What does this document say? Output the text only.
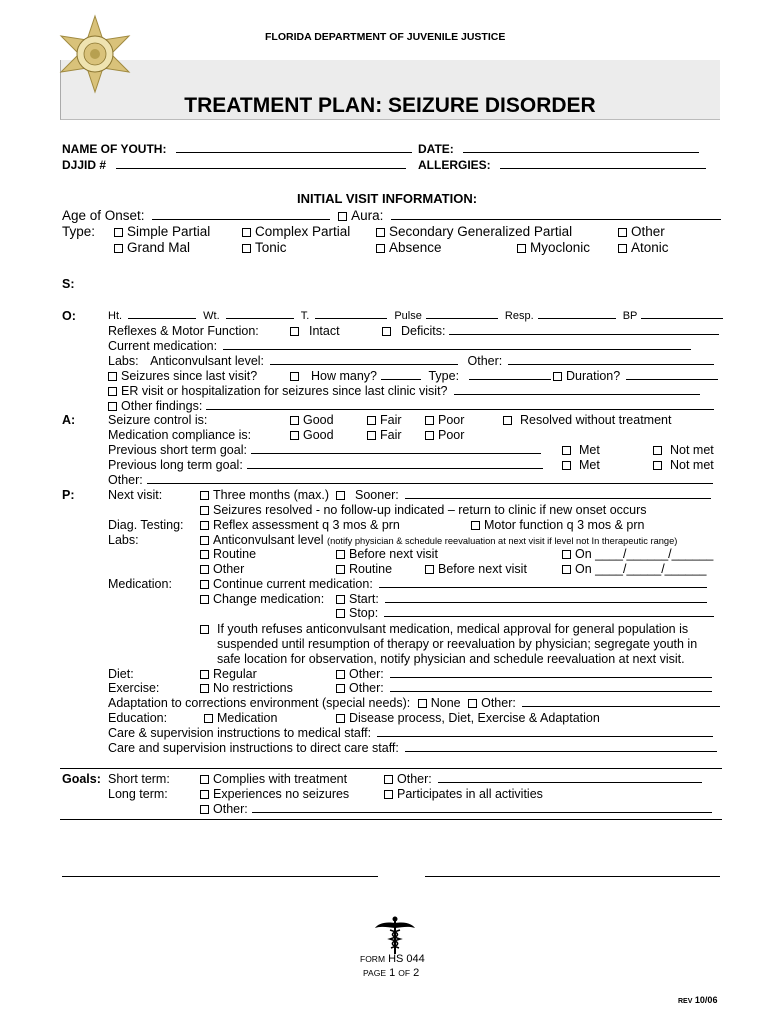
FLORIDA DEPARTMENT OF JUVENILE JUSTICE
TREATMENT PLAN: SEIZURE DISORDER
NAME OF YOUTH:	DATE:
DJJID #	ALLERGIES:
INITIAL VISIT INFORMATION:
Age of Onset:	Aura:
Type:	Simple Partial	Complex Partial	Secondary Generalized Partial	Other
Grand Mal	Tonic	Absence	Myoclonic	Atonic
S:
O:
A:
P:
Ht.	Wt.	T.	Pulse	Resp.	BP
Reflexes & Motor Function:	Intact	Deficits:
Current medication:
Labs: Anticonvulsant level:	Other:
Seizures since last visit?	How many?	Type:	Duration?
ER visit or hospitalization for seizures since last clinic visit?
Other findings:
Seizure control is:	Good	Fair	Poor	Resolved without treatment
Medication compliance is:	Good	Fair	Poor
Previous short term goal:	Met	Not met
Previous long term goal:	Met	Not met
Other:
Next visit:	Three months (max.)	Sooner:
Seizures resolved - no follow-up indicated – return to clinic if new onset occurs
Diag. Testing:	Reflex assessment q 3 mos & prn	Motor function q 3 mos & prn
Labs:	Anticonvulsant level (notify physician & schedule reevaluation at next visit if level not In therapeutic range)
Routine	Before next visit	On ____/______/______
Other	Routine	Before next visit	On ____/_____/______
Medication:	Continue current medication:
Change medication:	Start:
Stop:
If youth refuses anticonvulsant medication, medical approval for general population is
suspended until resumption of therapy or reevaluation by physician; segregate youth in
safe location for observation, notify physician and schedule reevaluation at next visit.
Diet:	Regular	Other:
Exercise:	No restrictions	Other:
Adaptation to corrections environment (special needs): None Other:
Education:	Medication	Disease process, Diet, Exercise & Adaptation
Care & supervision instructions to medical staff:
Care and supervision instructions to direct care staff:
Goals: Short term:	Complies with treatment	Other:
Long term:	Experiences no seizures	Participates in all activities
Other:
FORM HS 044
PAGE 1 OF 2
REV 10/06
